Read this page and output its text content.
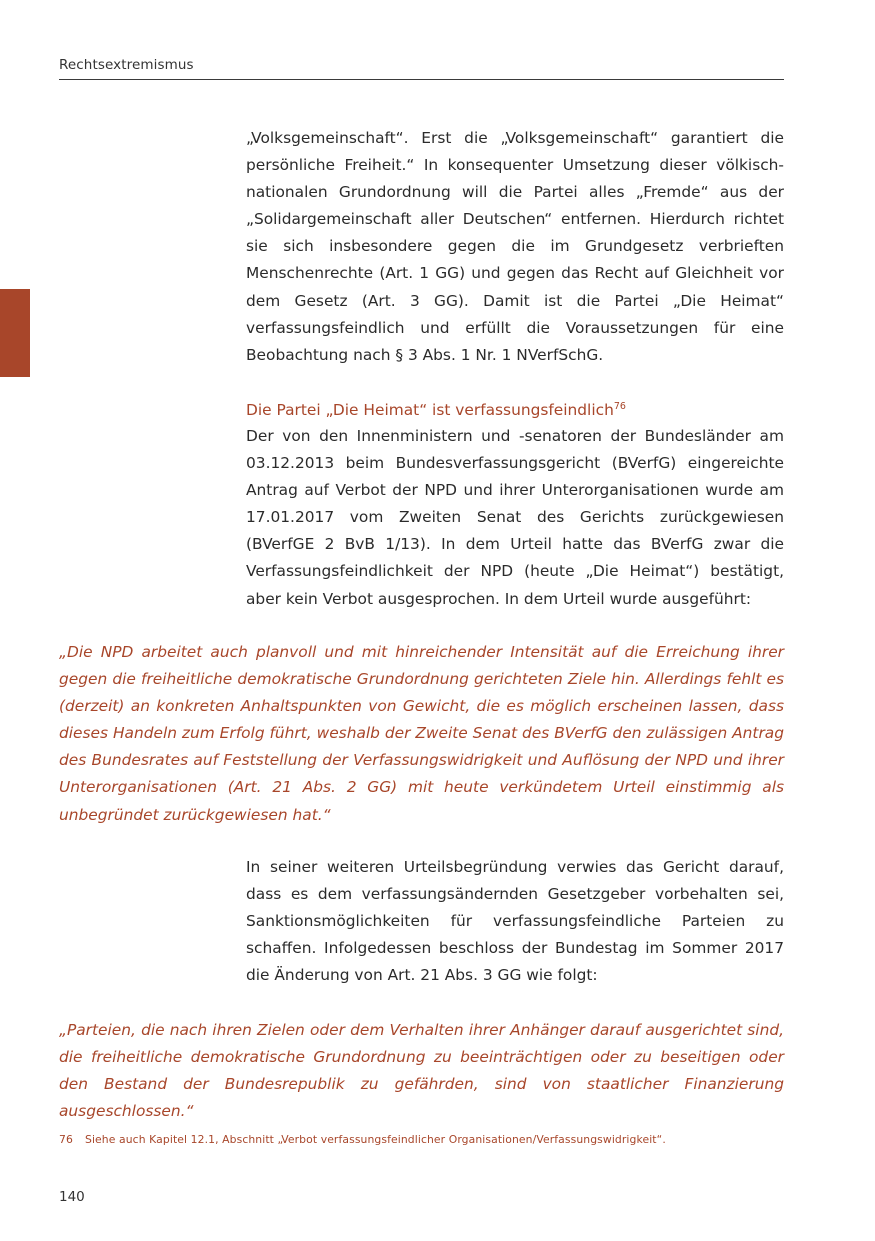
Rechtsextremismus

„Volksgemeinschaft“. Erst die „Volksgemeinschaft“ garantiert die persönliche Freiheit.“ In konsequenter Umsetzung dieser völkisch-nationalen Grundordnung will die Partei alles „Fremde“ aus der „Solidargemeinschaft aller Deutschen“ entfernen. Hierdurch richtet sie sich insbesondere gegen die im Grundgesetz verbrieften Menschenrechte (Art. 1 GG) und gegen das Recht auf Gleichheit vor dem Gesetz (Art. 3 GG). Damit ist die Partei „Die Heimat“ verfassungsfeindlich und erfüllt die Voraussetzungen für eine Beobachtung nach § 3 Abs. 1 Nr. 1 NVerfSchG.

Die Partei „Die Heimat“ ist verfassungsfeindlich$^{76}$

Der von den Innenministern und -senatoren der Bundesländer am 03.12.2013 beim Bundesverfassungsgericht (BVerfG) eingereichte Antrag auf Verbot der NPD und ihrer Unterorganisationen wurde am 17.01.2017 vom Zweiten Senat des Gerichts zurückgewiesen (BVerfGE 2 BvB 1/13). In dem Urteil hatte das BVerfG zwar die Verfassungsfeindlichkeit der NPD (heute „Die Heimat“) bestätigt, aber kein Verbot ausgesprochen. In dem Urteil wurde ausgeführt:

„Die NPD arbeitet auch planvoll und mit hinreichender Intensität auf die Erreichung ihrer gegen die freiheitliche demokratische Grundordnung gerichteten Ziele hin. Allerdings fehlt es (derzeit) an konkreten Anhaltspunkten von Gewicht, die es möglich erscheinen lassen, dass dieses Handeln zum Erfolg führt, weshalb der Zweite Senat des BVerfG den zulässigen Antrag des Bundesrates auf Feststellung der Verfassungswidrigkeit und Auflösung der NPD und ihrer Unterorganisationen (Art. 21 Abs. 2 GG) mit heute verkündetem Urteil einstimmig als unbegründet zurückgewiesen hat.“

In seiner weiteren Urteilsbegründung verwies das Gericht darauf, dass es dem verfassungsändernden Gesetzgeber vorbehalten sei, Sanktionsmöglichkeiten für verfassungsfeindliche Parteien zu schaffen. Infolgedessen beschloss der Bundestag im Sommer 2017 die Änderung von Art. 21 Abs. 3 GG wie folgt:

„Parteien, die nach ihren Zielen oder dem Verhalten ihrer Anhänger darauf ausgerichtet sind, die freiheitliche demokratische Grundordnung zu beeinträchtigen oder zu beseitigen oder den Bestand der Bundesrepublik zu gefährden, sind von staatlicher Finanzierung ausgeschlossen.“

76 Siehe auch Kapitel 12.1, Abschnitt „Verbot verfassungsfeindlicher Organisationen/Verfassungswidrigkeit“.
140
